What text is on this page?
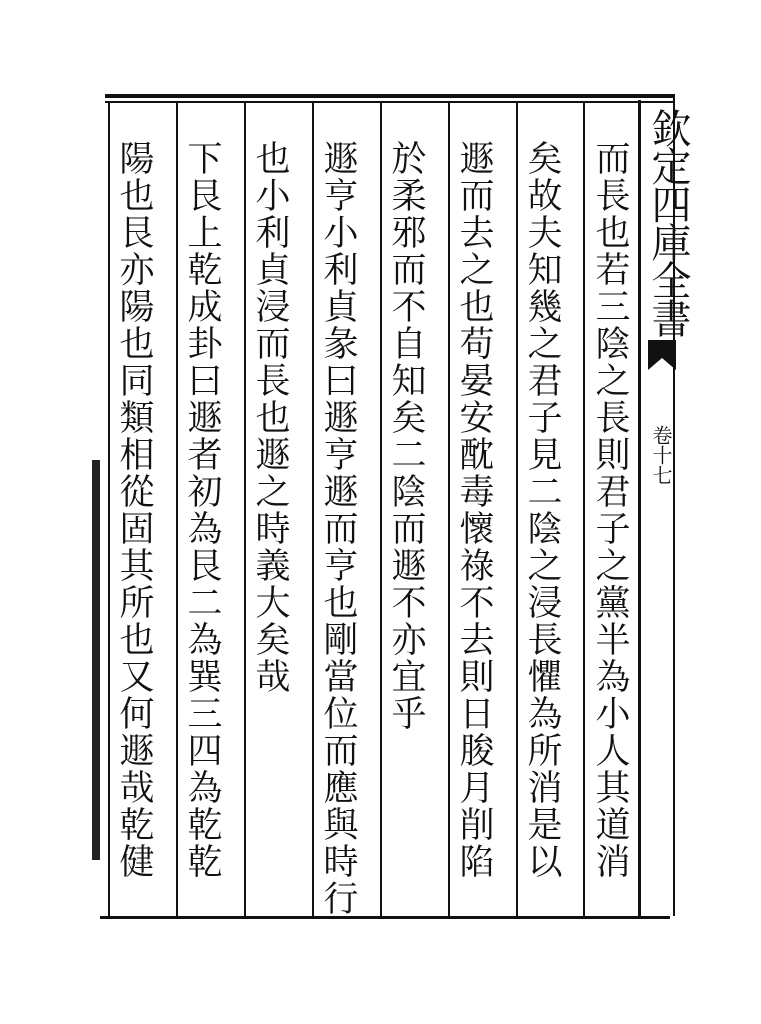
欽定四庫全書
卷十七
而長也若三陰之長則君子之黨半為小人其道消
矣故夫知幾之君子見二陰之浸長懼為所消是以
遯而去之也苟晏安酖毒懷祿不去則日朘月削陷
於柔邪而不自知矣二陰而遯不亦宜乎
遯亨小利貞彖曰遯亨遯而亨也剛當位而應與時行
也小利貞浸而長也遯之時義大矣哉
下艮上乾成卦曰遯者初為艮二為巽三四為乾乾
陽也艮亦陽也同類相從固其所也又何遯哉乾健
